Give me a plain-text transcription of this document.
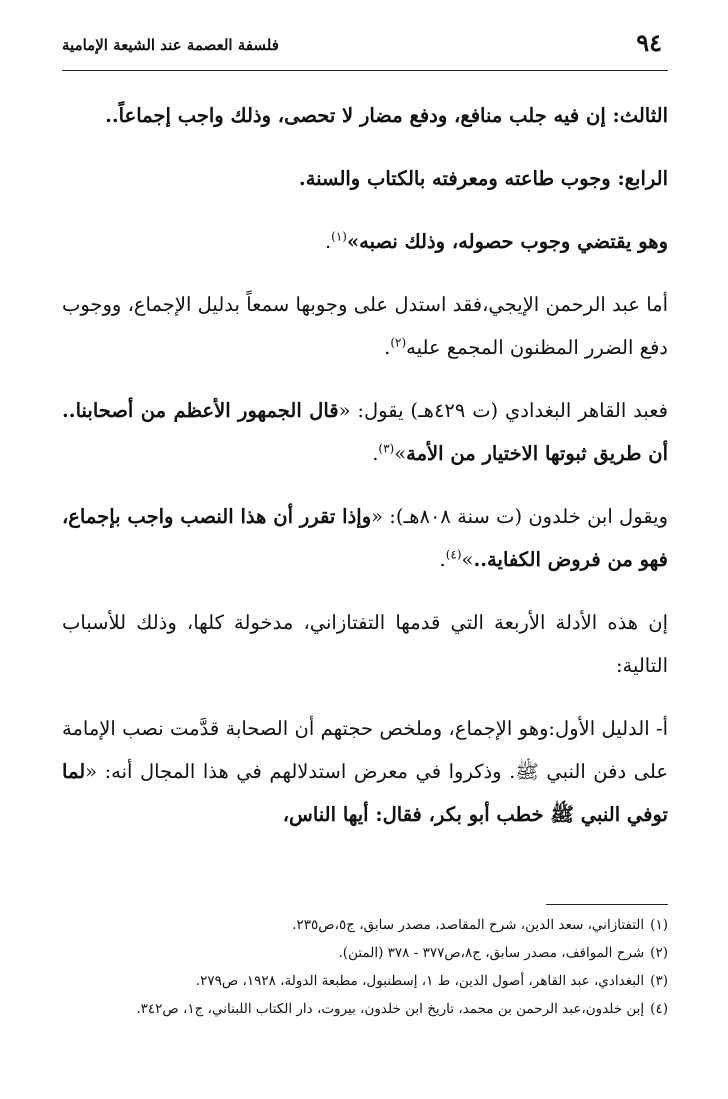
٩٤
فلسفة العصمة عند الشيعة الإمامية

الثالث: إن فيه جلب منافع، ودفع مضار لا تحصى، وذلك واجب إجماعاً..

الرابع: وجوب طاعته ومعرفته بالكتاب والسنة.

وهو يقتضي وجوب حصوله، وذلك نصبه»$^{(١)}$.

أما عبد الرحمن الإيجي،فقد استدل على وجوبها سمعاً بدليل الإجماع، ووجوب دفع الضرر المظنون المجمع عليه$^{(٢)}$.

فعبد القاهر البغدادي (ت ٤٢٩هـ) يقول: «قال الجمهور الأعظم من أصحابنا.. أن طريق ثبوتها الاختيار من الأمة»$^{(٣)}$.

ويقول ابن خلدون (ت سنة ٨٠٨هـ): «وإذا تقرر أن هذا النصب واجب بإجماع، فهو من فروض الكفاية..»$^{(٤)}$.

إن هذه الأدلة الأربعة التي قدمها التفتازاني، مدخولة كلها، وذلك للأسباب التالية:

أ- الدليل الأول:وهو الإجماع، وملخص حجتهم أن الصحابة قدَّمت نصب الإمامة على دفن النبي ﷺ. وذكروا في معرض استدلالهم في هذا المجال أنه: «لما توفي النبي ﷺ خطب أبو بكر، فقال: أيها الناس،

(١)
التفتازاني، سعد الدين، شرح المقاصد، مصدر سابق، ج٥،ص٢٣٥.
(٢)
شرح المواقف، مصدر سابق، ج٨،ص٣٧٧ - ٣٧٨ (المتن).
(٣)
البغدادي، عبد القاهر، أصول الدين، ط ١، إسطنبول، مطبعة الدولة، ١٩٢٨، ص٢٧٩.
(٤)
إبن خلدون،عبد الرحمن بن محمد، تاريخ ابن خلدون، بيروت، دار الكتاب اللبناني، ج١، ص٣٤٢.
